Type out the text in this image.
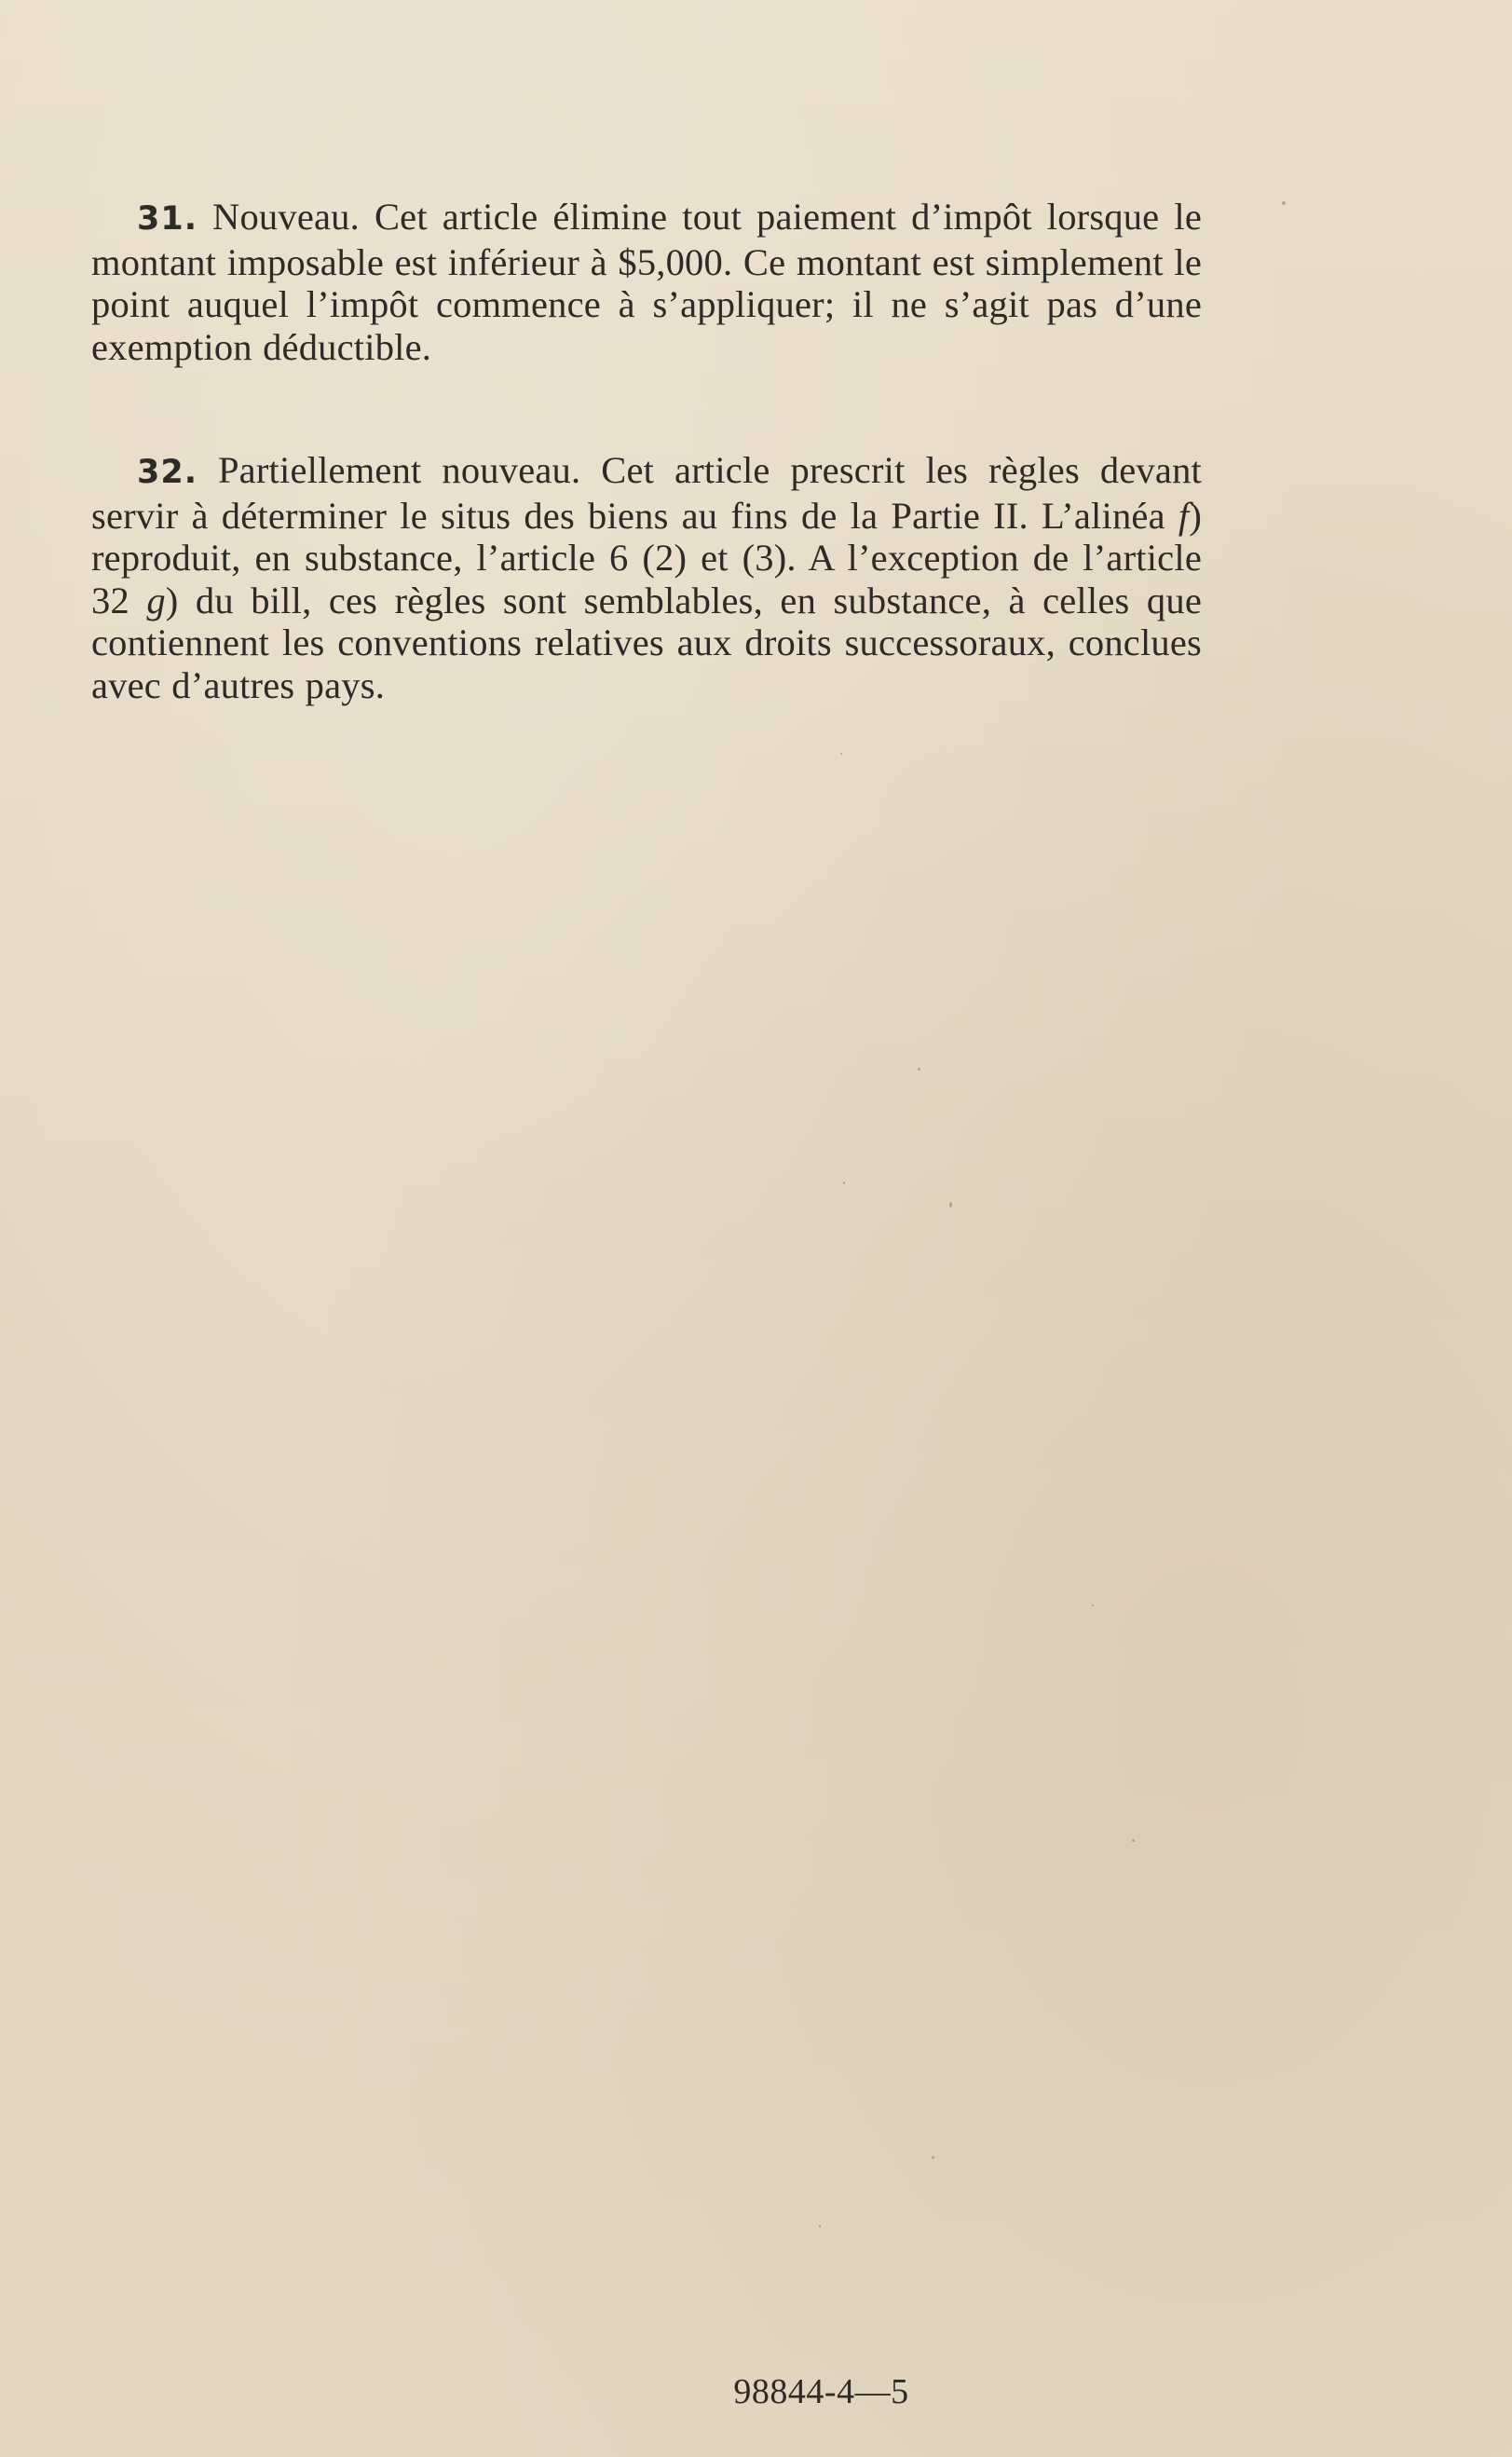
31. Nouveau. Cet article élimine tout paiement d’impôt lorsque le montant imposable est inférieur à $5,000. Ce montant est simplement le point auquel l’impôt commence à s’appliquer; il ne s’agit pas d’une exemption déductible.

32. Partiellement nouveau. Cet article prescrit les règles devant servir à déterminer le situs des biens au fins de la Partie II. L’alinéa f) reproduit, en substance, l’article 6 (2) et (3). A l’exception de l’article 32 g) du bill, ces règles sont semblables, en substance, à celles que contiennent les conventions relatives aux droits successoraux, conclues avec d’autres pays.

98844-4—5
